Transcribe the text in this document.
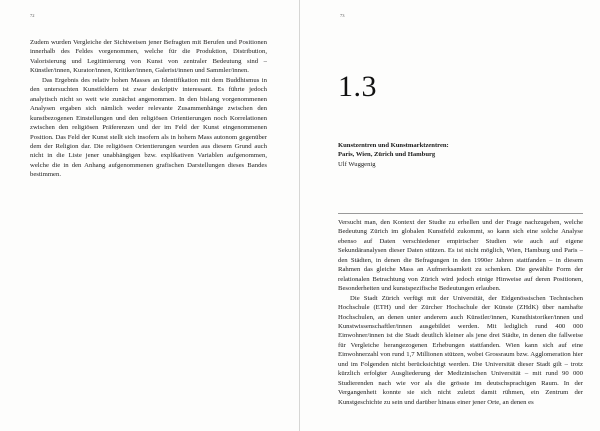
72

Zudem wurden Vergleiche der Sichtweisen jener Befragten mit Berufen und Positionen innerhalb des Feldes vorgenommen, welche für die Produktion, Distribution, Valorisierung und Legitimierung von Kunst von zentraler Bedeutung sind – Künstler/innen, Kurator/innen, Kritiker/innen, Galerist/innen und Sammler/innen.

Das Ergebnis des relativ hohen Masses an Identifikation mit dem Buddhismus in den untersuchten Kunstfeldern ist zwar deskriptiv interessant. Es führte jedoch analytisch nicht so weit wie zunächst angenommen. In den bislang vorgenommenen Analysen ergaben sich nämlich weder relevante Zusammenhänge zwischen den kunstbezogenen Einstellungen und den religiösen Orientierungen noch Korrelationen zwischen den religiösen Präferenzen und der im Feld der Kunst eingenommenen Position. Das Feld der Kunst stellt sich insofern als in hohem Mass autonom gegenüber dem der Religion dar. Die religiösen Orientierungen wurden aus diesem Grund auch nicht in die Liste jener unabhängigen bzw. explikativen Variablen aufgenommen, welche die in den Anhang aufgenommenen grafischen Darstellungen dieses Bandes bestimmen.

73
1.3
Kunstzentren und Kunstmarktzentren:
Paris, Wien, Zürich und Hamburg
Ulf Wuggenig

Versucht man, den Kontext der Studie zu erhellen und der Frage nachzugehen, welche Bedeutung Zürich im globalen Kunstfeld zukommt, so kann sich eine solche Analyse ebenso auf Daten verschiedener empirischer Studien wie auch auf eigene Sekundäranalysen dieser Daten stützen. Es ist nicht möglich, Wien, Hamburg und Paris – den Städten, in denen die Befragungen in den 1990er Jahren stattfanden – in diesem Rahmen das gleiche Mass an Aufmerksamkeit zu schenken. Die gewählte Form der relationalen Betrachtung von Zürich wird jedoch einige Hinweise auf deren Positionen, Besonderheiten und kunstspezifische Bedeutungen erlauben.

Die Stadt Zürich verfügt mit der Universität, der Eidgenössischen Technischen Hochschule (ETH) und der Zürcher Hochschule der Künste (ZHdK) über namhafte Hochschulen, an denen unter anderem auch Künstler/innen, Kunsthistoriker/innen und Kunstwissenschaftler/innen ausgebildet werden. Mit lediglich rund 400 000 Einwohner/innen ist die Stadt deutlich kleiner als jene drei Städte, in denen die fallweise für Vergleiche herangezogenen Erhebungen stattfanden. Wien kann sich auf eine Einwohnerzahl von rund 1,7 Millionen stützen, wobei Grossraum bzw. Agglomeration hier und im Folgenden nicht berücksichtigt werden. Die Universität dieser Stadt gilt – trotz kürzlich erfolgter Ausgliederung der Medizinischen Universität – mit rund 90 000 Studierenden nach wie vor als die grösste im deutschsprachigen Raum. In der Vergangenheit konnte sie sich nicht zuletzt damit rühmen, ein Zentrum der Kunstgeschichte zu sein und darüber hinaus einer jener Orte, an denen es
